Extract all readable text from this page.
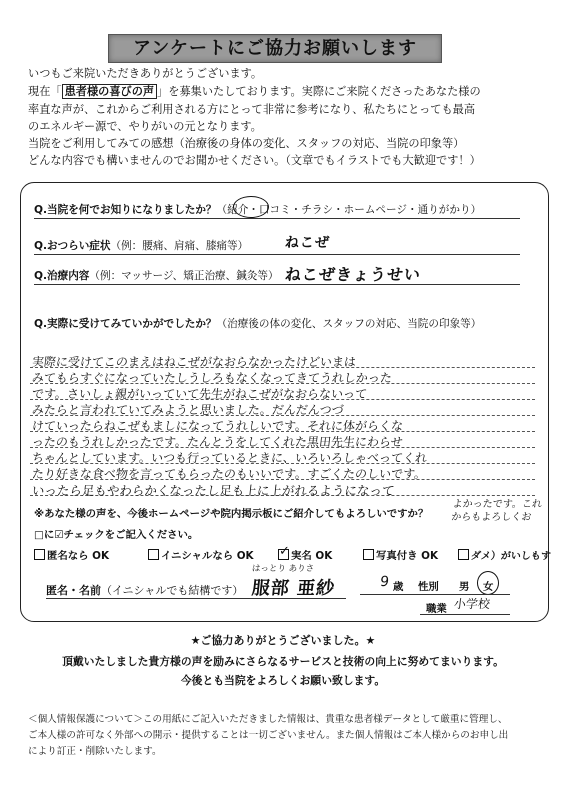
アンケートにご協力お願いします
いつもご来院いただきありがとうございます。
現在「 患者様の喜びの声 」を募集いたしております。実際にご来院くださったあなた様の
率直な声が、これからご利用される方にとって非常に参考になり、私たちにとっても最高
のエネルギー源で、やりがいの元となります。
当院をご利用してみての感想（治療後の身体の変化、スタッフの対応、当院の印象等）
どんな内容でも構いませんのでお聞かせください。（文章でもイラストでも大歓迎です！）
Q.当院を何でお知りになりましたか？（紹介・口コミ・チラシ・ホームページ・通りがかり）
Q.おつらい症状（例：腰痛、肩痛、膝痛等）	ねこぜ
Q.治療内容（例：マッサージ、矯正治療、鍼灸等） ねこぜきょうせい
Q.実際に受けてみていかがでしたか？（治療後の体の変化、スタッフの対応、当院の印象等）
実際に受けてこのまえはねこぜがなおらなかったけどいまは
みてもらすぐになっていたしうしろもなくなってきてうれしかった
です。さいしょ親がいっていて先生がねこぜがなおらないって
みたらと言われていてみようと思いました。だんだんつづ
けていったらねこぜもましになってうれしいです。それに体がらくな
ったのもうれしかったです。たんとうをしてくれた黒田先生にわらせ
ちゃんとしています。いつも行っているときに、いろいろしゃべってくれ
たり好きな食べ物を言ってもらったのもいいです。すごくたのしいです。
いったら足もやわらかくなったし足も上に上がれるようになって
※あなた様の声を、今後ホームページや院内掲示板にご紹介してもよろしいですか？
よかったです。これからもよろしくお
□に☑チェックをご記入ください。
匿名なら OK	イニシャルなら OK ✓ 実名 OK	写真付き OK	ダメ）がいしもす
はっとり ありさ
匿名・名前（イニシャルでも結構です） 服部 亜紗	9 歳 性別 男 女
職業 小学校
★ご協力ありがとうございました。★
頂戴いたしました貴方様の声を励みにさらなるサービスと技術の向上に努めてまいります。
今後とも当院をよろしくお願い致します。
＜個人情報保護について＞この用紙にご記入いただきました情報は、貴重な患者様データとして厳重に管理し、
ご本人様の許可なく外部への開示・提供することは一切ございません。また個人情報はご本人様からのお申し出
により訂正・削除いたします。
